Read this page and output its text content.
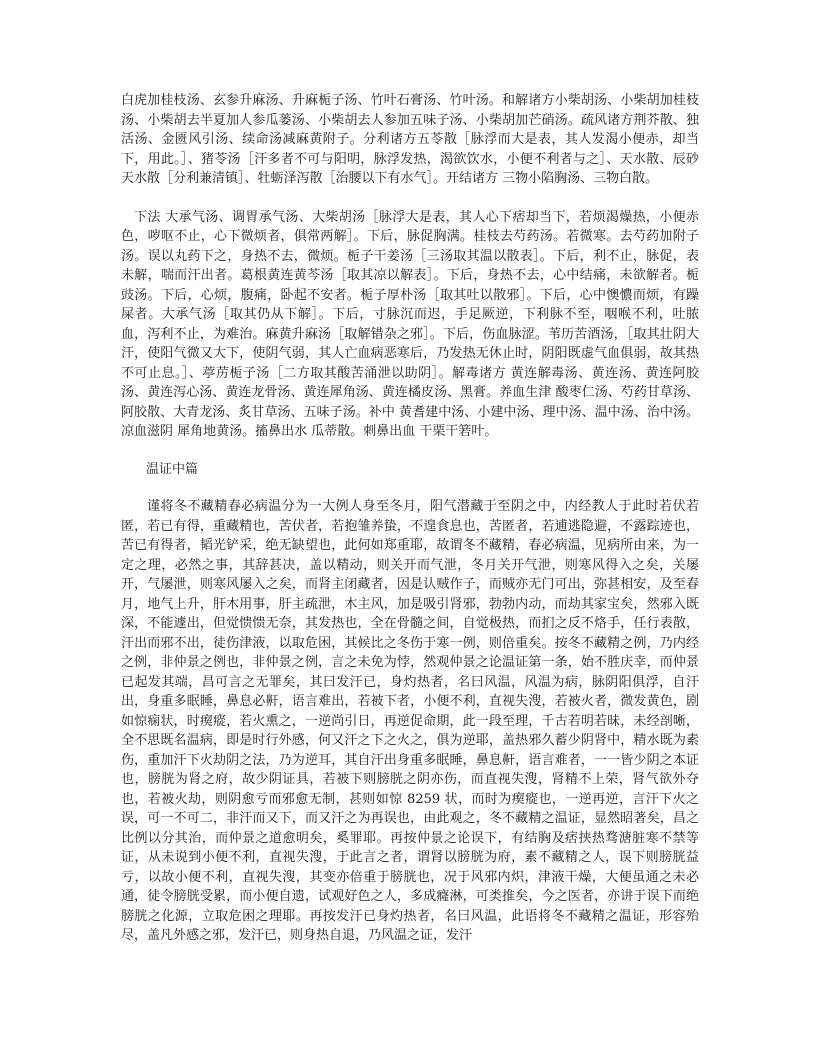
白虎加桂枝汤、玄参升麻汤、升麻栀子汤、竹叶石膏汤、竹叶汤。和解诸方小柴胡汤、小柴胡加桂枝汤、小柴胡去半夏加人参瓜蒌汤、小柴胡去人参加五味子汤、小柴胡加芒硝汤。疏风诸方荆芥散、独活汤、金匮风引汤、续命汤减麻黄附子。分利诸方五苓散［脉浮而大是表，其人发渴小便赤，却当下，用此。］、猪苓汤［汗多者不可与阳明，脉浮发热，渴欲饮水，小便不利者与之］、天水散、辰砂天水散［分利兼清镇］、牡蛎泽泻散［治腰以下有水气］。开结诸方 三物小陷胸汤、三物白散。

下法 大承气汤、调胃承气汤、大柴胡汤［脉浮大是表，其人心下痞却当下，若烦渴燥热，小便赤色，哕呕不止，心下微烦者，俱常两解］。下后，脉促胸满。桂枝去芍药汤。若微寒。去芍药加附子汤。误以丸药下之，身热不去，微烦。栀子干姜汤［三汤取其温以散表］。下后，利不止，脉促，表未解，喘而汗出者。葛根黄连黄芩汤［取其凉以解表］。下后，身热不去，心中结痛，未欲解者。栀豉汤。下后，心烦，腹痛，卧起不安者。栀子厚朴汤［取其吐以散邪］。下后，心中懊憹而烦，有躁屎者。大承气汤［取其仍从下解］。下后，寸脉沉而迟，手足厥逆，下利脉不至，咽喉不利，吐脓血，泻利不止，为难治。麻黄升麻汤［取解错杂之邪］。下后，伤血脉涩。苇历苦酒汤，［取其壮阴大汗，使阳气微又大下，使阴气弱，其人亡血病恶寒后，乃发热无休止时，阴阳既虚气血俱弱，故其热不可止息。］、葶苈栀子汤［二方取其酸苦涌泄以助阴］。解毒诸方 黄连解毒汤、黄连汤、黄连阿胶汤、黄连泻心汤、黄连龙骨汤、黄连犀角汤、黄连橘皮汤、黑膏。养血生津 酸枣仁汤、芍药甘草汤、阿胶散、大青龙汤、炙甘草汤、五味子汤。补中 黄耆建中汤、小建中汤、理中汤、温中汤、治中汤。凉血滋阴 犀角地黄汤。搐鼻出水 瓜蒂散。刺鼻出血 干栗干箬叶。

温证中篇

谨将冬不藏精春必病温分为一大例人身至冬月，阳气潜藏于至阴之中，内经教人于此时若伏若匿，若已有得，重藏精也，苦伏者，若抱雏养蛰，不遑食息也，苦匿者，若逋逃隐避，不露踪迹也，苦已有得者，韬光铲采，绝无缺望也，此何如郑重耶，故谓冬不藏精，春必病温，见病所由来，为一定之理，必然之事，其辞甚决，盖以精动，则关开而气泄，冬月关开气泄，则寒风得入之矣，关屡开，气屡泄，则寒风屡入之矣，而肾主闭藏者，因是认贼作子，而贼亦无门可出，弥甚相安，及至春月，地气上升，肝木用事，肝主疏泄，木主风，加是吸引肾邪，勃勃内动，而劫其家宝矣，然邪入既深，不能遽出，但觉愦愦无奈，其发热也，全在骨髓之间，自觉极热，而扪之反不烙手，任行表散，汗出而邪不出，徒伤津液，以取危困，其候比之冬伤于寒一例，则倍重矣。按冬不藏精之例，乃内经之例，非仲景之例也，非仲景之例，言之未免为悖，然观仲景之论温证第一条，始不胜庆幸，而仲景已起发其端，昌可言之无罪矣，其曰发汗已，身灼热者，名曰风温，风温为病，脉阴阳俱浮，自汗出，身重多眠睡，鼻息必鼾，语言难出，若被下者，小便不利，直视失溲，若被火者，微发黄色，剧如惊痫状，时瘈瘲，若火熏之，一逆尚引日，再逆促命期，此一段至理，千古若明若昧，未经剖晰，全不思既名温病，即是时行外感，何又汗之下之火之，俱为逆耶，盖热邪久蓄少阴肾中，精水既为素伤，重加汗下火劫阴之法，乃为逆耳，其自汗出身重多眠睡，鼻息鼾，语言难者，一一皆少阴之本证也，膀胱为肾之府，故少阴证具，若被下则膀胱之阴亦伤，而直视失溲，肾精不上荣，肾气欲外夺也，若被火劫，则阴愈亏而邪愈无制，甚则如惊 8259 状，而时为瘈瘲也，一逆再逆，言汗下火之误，可一不可二，非汗而又下，而又汗之为再误也，由此观之，冬不藏精之温证，显然昭著矣，昌之比例以分其治，而仲景之道愈明矣，奚罪耶。再按仲景之论误下，有结胸及痞挟热骛溏脏寒不禁等证，从未说到小便不利，直视失溲，于此言之者，谓肾以膀胱为府，素不藏精之人，误下则膀胱益亏，以故小便不利，直视失溲，其变亦倍重于膀胱也，况于风邪内炽，津液干燥，大便虽通之未必通，徒令膀胱受累，而小便自遗，试观好色之人，多成癃淋，可类推矣，今之医者，亦讲于误下而绝膀胱之化源，立取危困之理耶。再按发汗已身灼热者，名曰风温，此语将冬不藏精之温证，形容殆尽，盖凡外感之邪，发汗已，则身热自退，乃风温之证，发汗
